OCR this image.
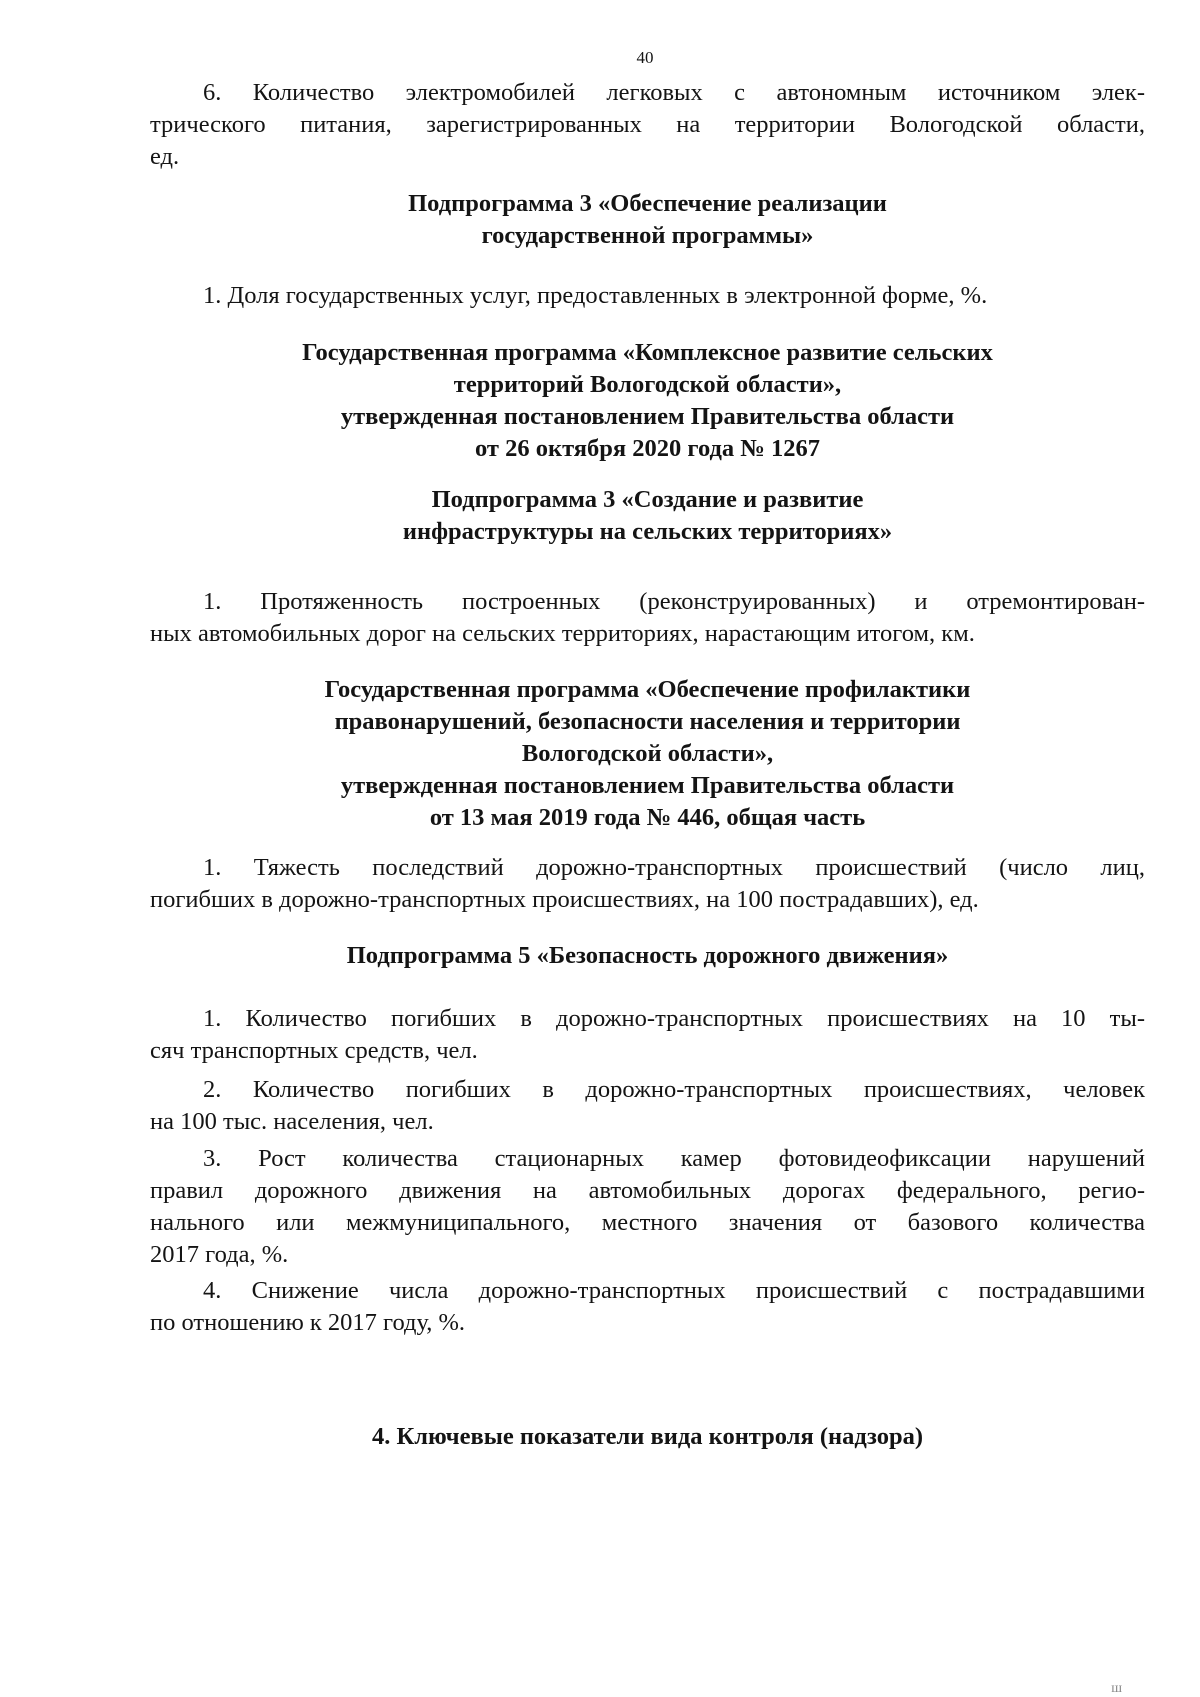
40

6. Количество электромобилей легковых с автономным источником элек-
трического питания, зарегистрированных на территории Вологодской области,
ед.

Подпрограмма 3 «Обеспечение реализации
государственной программы»

1. Доля государственных услуг, предоставленных в электронной форме, %.

Государственная программа «Комплексное развитие сельских
территорий Вологодской области»,
утвержденная постановлением Правительства области
от 26 октября 2020 года № 1267
Подпрограмма 3 «Создание и развитие
инфраструктуры на сельских территориях»

1. Протяженность построенных (реконструированных) и отремонтирован-
ных автомобильных дорог на сельских территориях, нарастающим итогом, км.

Государственная программа «Обеспечение профилактики
правонарушений, безопасности населения и территории
Вологодской области»,
утвержденная постановлением Правительства области
от 13 мая 2019 года № 446, общая часть

1. Тяжесть последствий дорожно-транспортных происшествий (число лиц,
погибших в дорожно-транспортных происшествиях, на 100 пострадавших), ед.

Подпрограмма 5 «Безопасность дорожного движения»

1. Количество погибших в дорожно-транспортных происшествиях на 10 ты-
сяч транспортных средств, чел.

2. Количество погибших в дорожно-транспортных происшествиях, человек
на 100 тыс. населения, чел.

3. Рост количества стационарных камер фотовидеофиксации нарушений
правил дорожного движения на автомобильных дорогах федерального, регио-
нального или межмуниципального, местного значения от базового количества
2017 года, %.

4. Снижение числа дорожно-транспортных происшествий с пострадавшими
по отношению к 2017 году, %.

4. Ключевые показатели вида контроля (надзора)
ш
